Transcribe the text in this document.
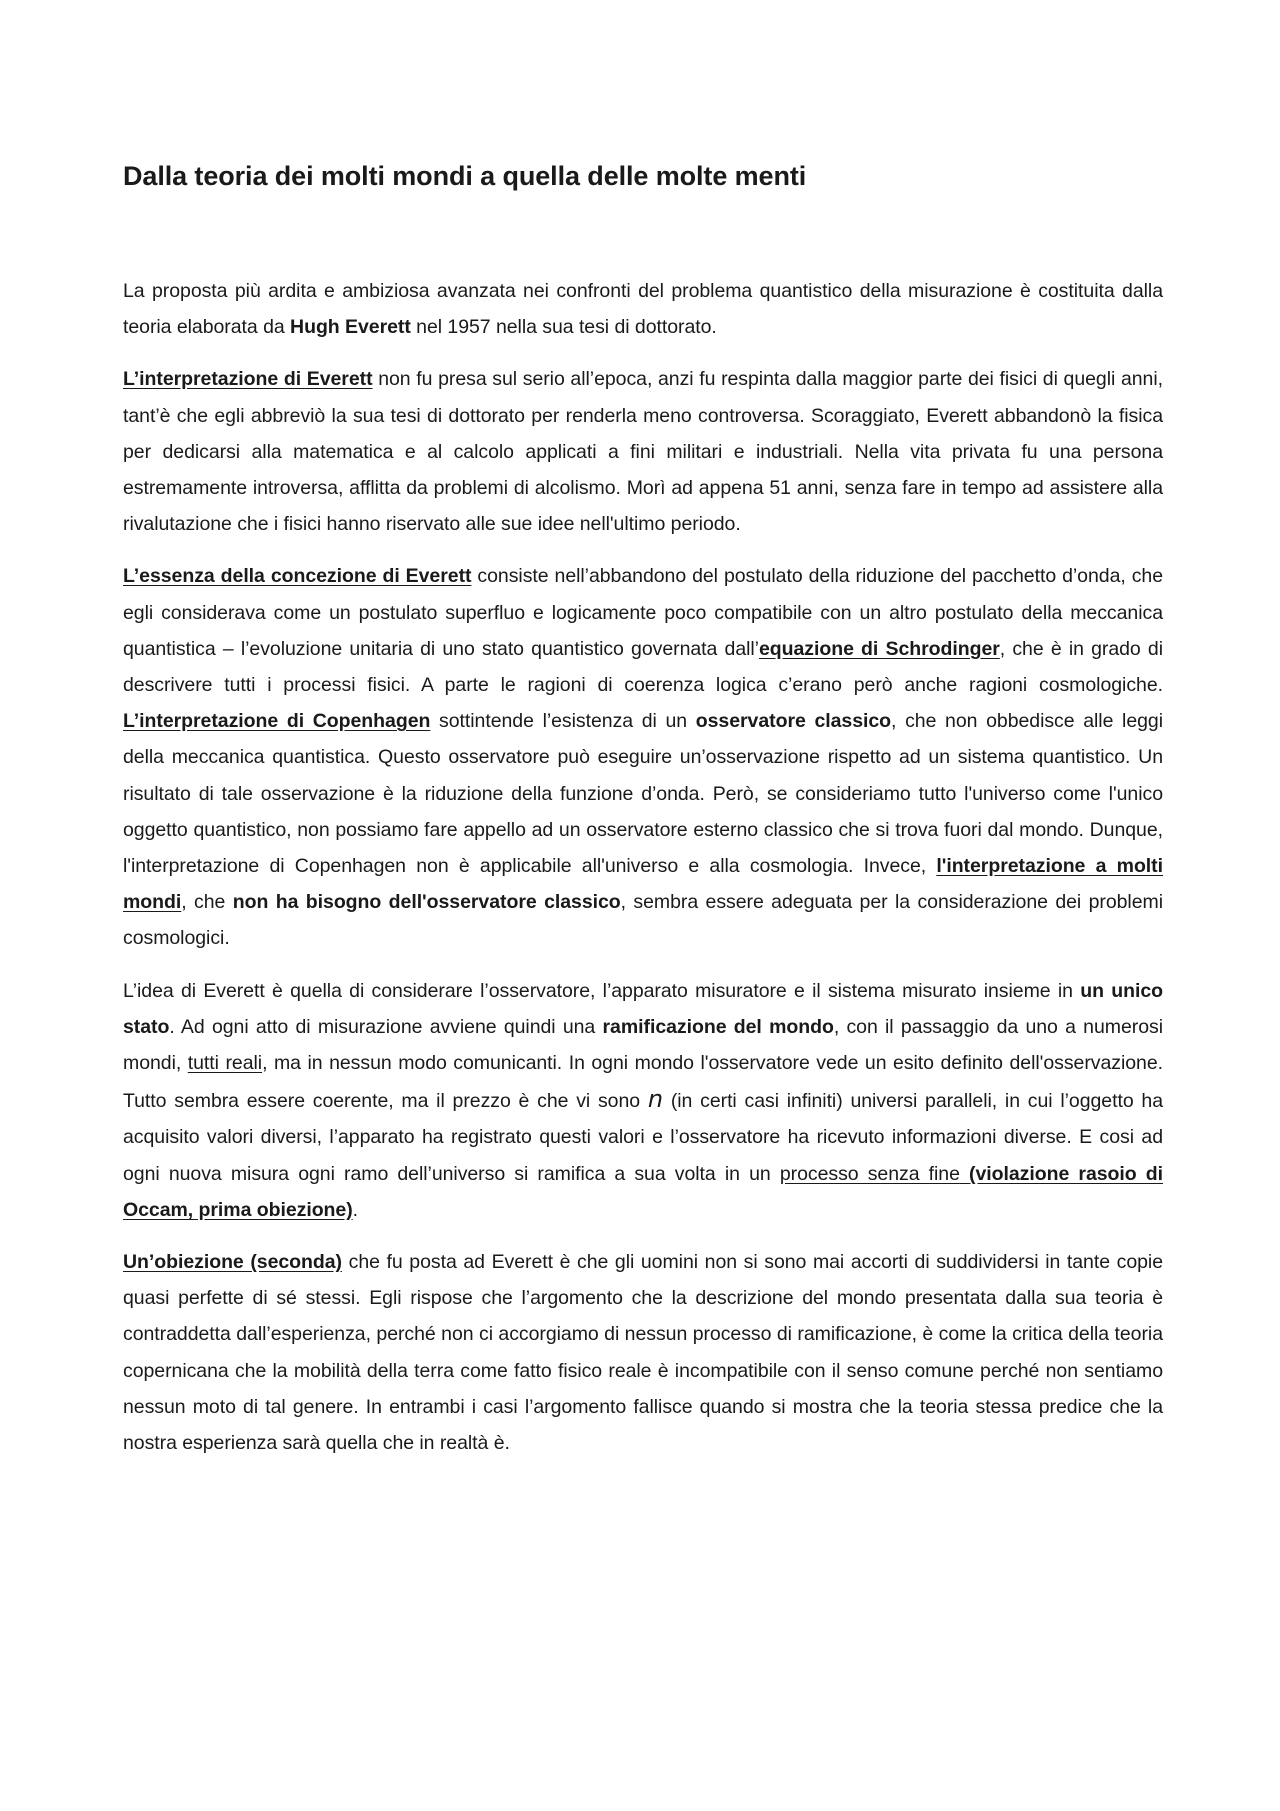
Dalla teoria dei molti mondi a quella delle molte menti

La proposta più ardita e ambiziosa avanzata nei confronti del problema quantistico della misurazione è costituita dalla teoria elaborata da Hugh Everett nel 1957 nella sua tesi di dottorato.

L’interpretazione di Everett non fu presa sul serio all’epoca, anzi fu respinta dalla maggior parte dei fisici di quegli anni, tant’è che egli abbreviò la sua tesi di dottorato per renderla meno controversa. Scoraggiato, Everett abbandonò la fisica per dedicarsi alla matematica e al calcolo applicati a fini militari e industriali. Nella vita privata fu una persona estremamente introversa, afflitta da problemi di alcolismo. Morì ad appena 51 anni, senza fare in tempo ad assistere alla rivalutazione che i fisici hanno riservato alle sue idee nell'ultimo periodo.

L’essenza della concezione di Everett consiste nell’abbandono del postulato della riduzione del pacchetto d’onda, che egli considerava come un postulato superfluo e logicamente poco compatibile con un altro postulato della meccanica quantistica – l’evoluzione unitaria di uno stato quantistico governata dall’equazione di Schrodinger, che è in grado di descrivere tutti i processi fisici. A parte le ragioni di coerenza logica c’erano però anche ragioni cosmologiche. L’interpretazione di Copenhagen sottintende l’esistenza di un osservatore classico, che non obbedisce alle leggi della meccanica quantistica. Questo osservatore può eseguire un’osservazione rispetto ad un sistema quantistico. Un risultato di tale osservazione è la riduzione della funzione d’onda. Però, se consideriamo tutto l'universo come l'unico oggetto quantistico, non possiamo fare appello ad un osservatore esterno classico che si trova fuori dal mondo. Dunque, l'interpretazione di Copenhagen non è applicabile all'universo e alla cosmologia. Invece, l'interpretazione a molti mondi, che non ha bisogno dell'osservatore classico, sembra essere adeguata per la considerazione dei problemi cosmologici.

L’idea di Everett è quella di considerare l’osservatore, l’apparato misuratore e il sistema misurato insieme in un unico stato. Ad ogni atto di misurazione avviene quindi una ramificazione del mondo, con il passaggio da uno a numerosi mondi, tutti reali, ma in nessun modo comunicanti. In ogni mondo l'osservatore vede un esito definito dell'osservazione. Tutto sembra essere coerente, ma il prezzo è che vi sono n (in certi casi infiniti) universi paralleli, in cui l’oggetto ha acquisito valori diversi, l’apparato ha registrato questi valori e l’osservatore ha ricevuto informazioni diverse. E cosi ad ogni nuova misura ogni ramo dell’universo si ramifica a sua volta in un processo senza fine (violazione rasoio di Occam, prima obiezione).

Un’obiezione (seconda) che fu posta ad Everett è che gli uomini non si sono mai accorti di suddividersi in tante copie quasi perfette di sé stessi. Egli rispose che l’argomento che la descrizione del mondo presentata dalla sua teoria è contraddetta dall’esperienza, perché non ci accorgiamo di nessun processo di ramificazione, è come la critica della teoria copernicana che la mobilità della terra come fatto fisico reale è incompatibile con il senso comune perché non sentiamo nessun moto di tal genere. In entrambi i casi l’argomento fallisce quando si mostra che la teoria stessa predice che la nostra esperienza sarà quella che in realtà è.
